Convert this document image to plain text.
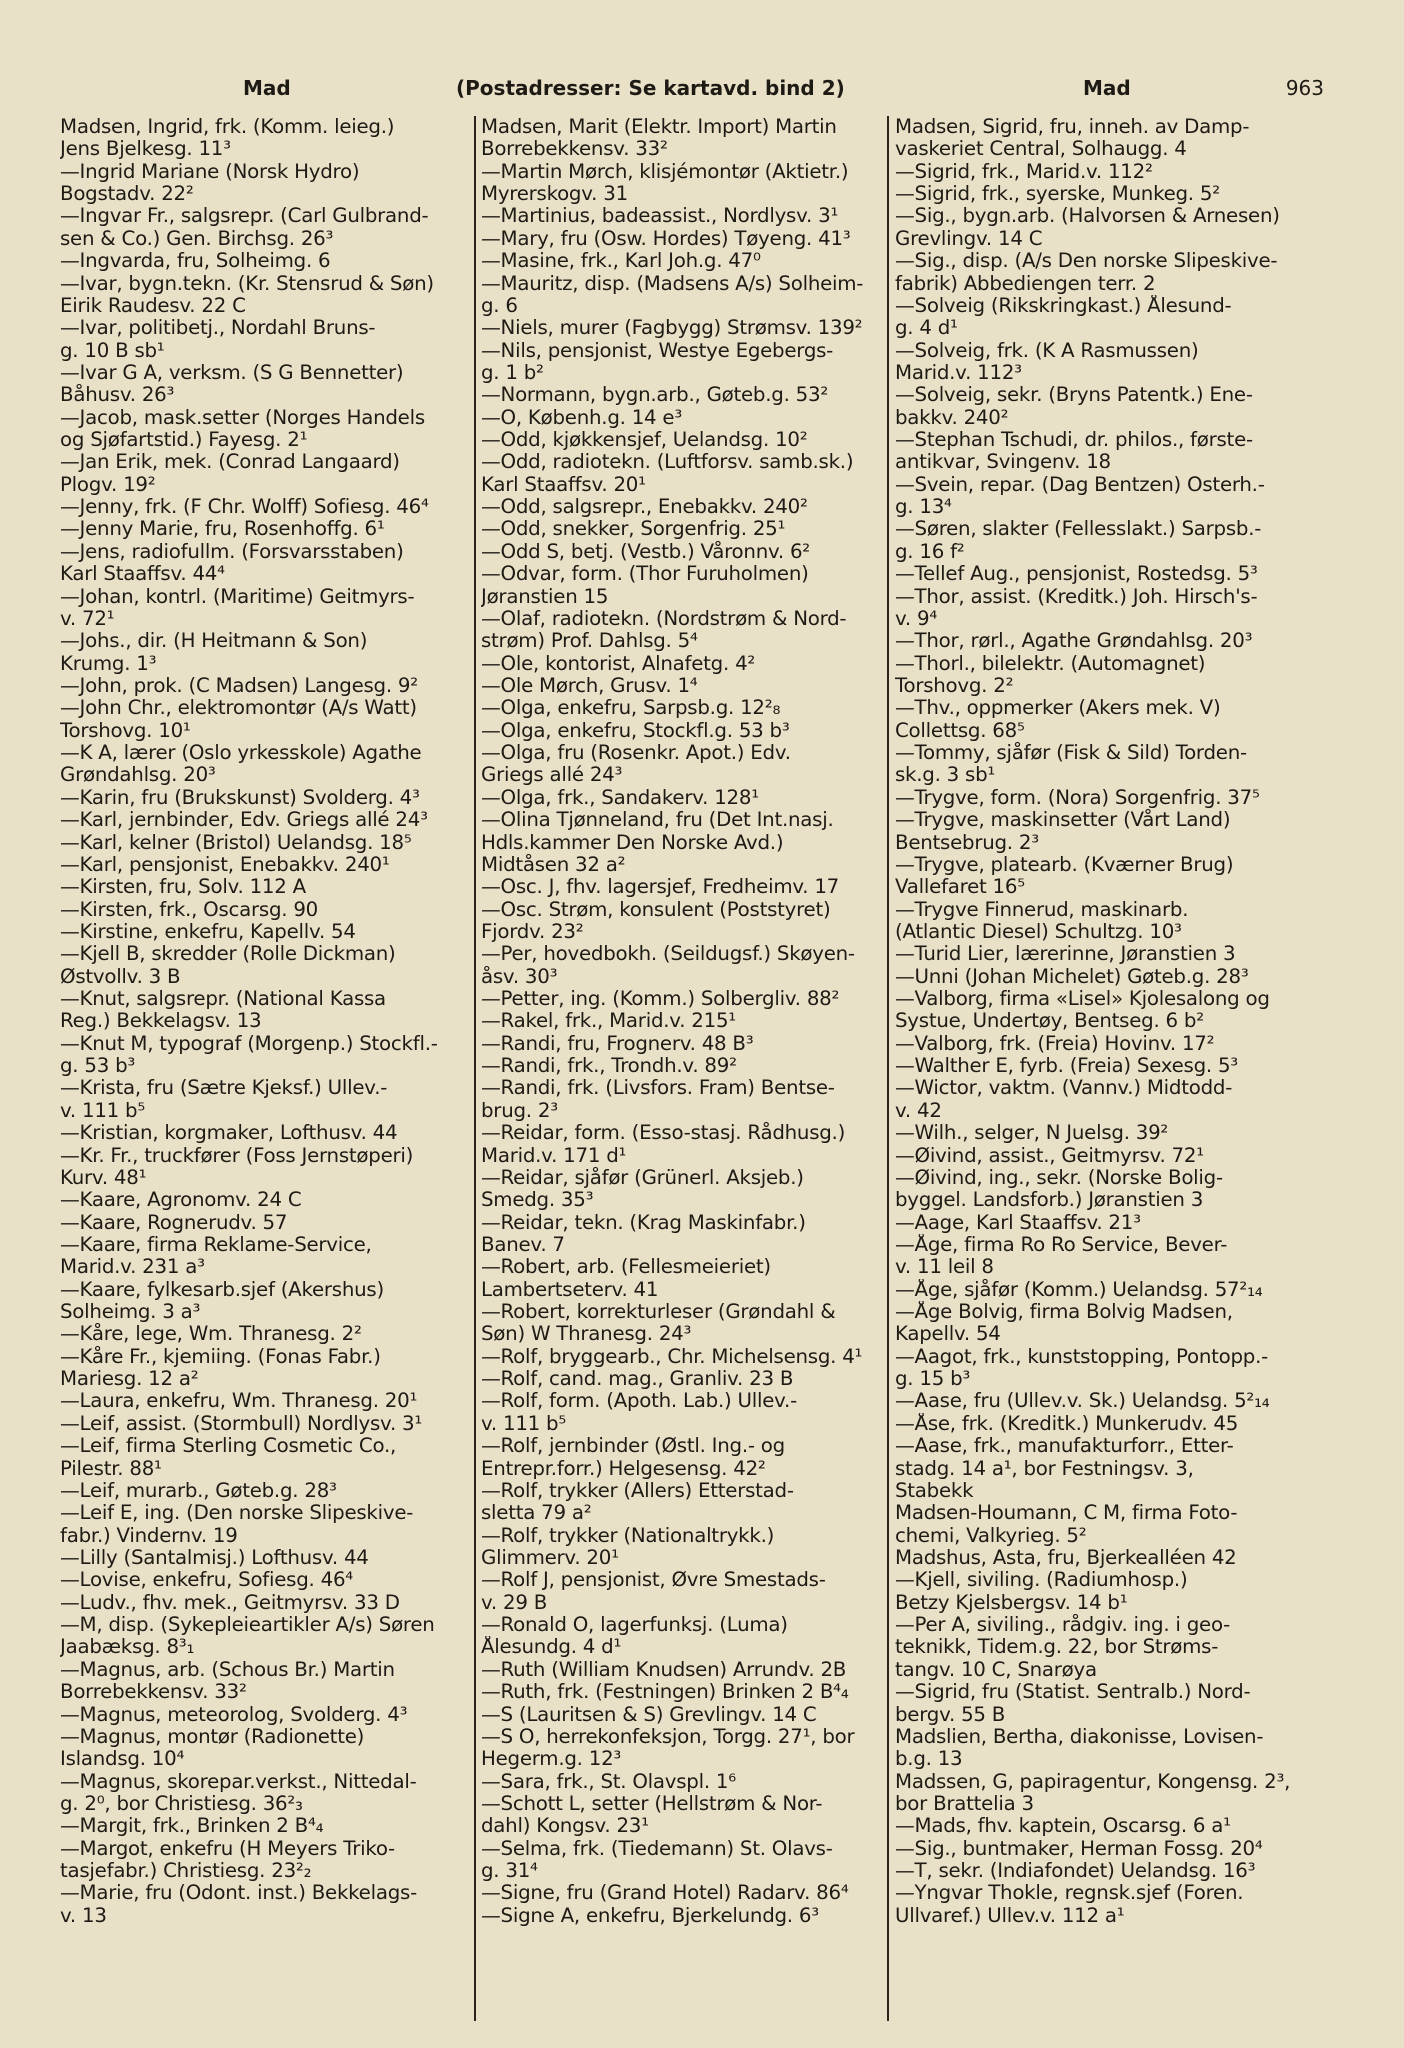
Mad	(Postadresser: Se kartavd. bind 2)	Mad	963
Madsen, Ingrid, frk. (Komm. leieg.)
Jens Bjelkesg. 11³
—Ingrid Mariane (Norsk Hydro)
Bogstadv. 22²
—Ingvar Fr., salgsrepr. (Carl Gulbrand-
sen & Co.) Gen. Birchsg. 26³
—Ingvarda, fru, Solheimg. 6
—Ivar, bygn.tekn. (Kr. Stensrud & Søn)
Eirik Raudesv. 22 C
—Ivar, politibetj., Nordahl Bruns-
g. 10 B sb¹
—Ivar G A, verksm. (S G Bennetter)
Båhusv. 26³
—Jacob, mask.setter (Norges Handels
og Sjøfartstid.) Fayesg. 2¹
—Jan Erik, mek. (Conrad Langaard)
Plogv. 19²
—Jenny, frk. (F Chr. Wolff) Sofiesg. 46⁴
—Jenny Marie, fru, Rosenhoffg. 6¹
—Jens, radiofullm. (Forsvarsstaben)
Karl Staaffsv. 44⁴
—Johan, kontrl. (Maritime) Geitmyrs-
v. 72¹
—Johs., dir. (H Heitmann & Son)
Krumg. 1³
—John, prok. (C Madsen) Langesg. 9²
—John Chr., elektromontør (A/s Watt)
Torshovg. 10¹
—K A, lærer (Oslo yrkesskole) Agathe
Grøndahlsg. 20³
—Karin, fru (Brukskunst) Svolderg. 4³
—Karl, jernbinder, Edv. Griegs allé 24³
—Karl, kelner (Bristol) Uelandsg. 18⁵
—Karl, pensjonist, Enebakkv. 240¹
—Kirsten, fru, Solv. 112 A
—Kirsten, frk., Oscarsg. 90
—Kirstine, enkefru, Kapellv. 54
—Kjell B, skredder (Rolle Dickman)
Østvollv. 3 B
—Knut, salgsrepr. (National Kassa
Reg.) Bekkelagsv. 13
—Knut M, typograf (Morgenp.) Stockfl.-
g. 53 b³
—Krista, fru (Sætre Kjeksf.) Ullev.-
v. 111 b⁵
—Kristian, korgmaker, Lofthusv. 44
—Kr. Fr., truckfører (Foss Jernstøperi)
Kurv. 48¹
—Kaare, Agronomv. 24 C
—Kaare, Rognerudv. 57
—Kaare, firma Reklame-Service,
Marid.v. 231 a³
—Kaare, fylkesarb.sjef (Akershus)
Solheimg. 3 a³
—Kåre, lege, Wm. Thranesg. 2²
—Kåre Fr., kjemiing. (Fonas Fabr.)
Mariesg. 12 a²
—Laura, enkefru, Wm. Thranesg. 20¹
—Leif, assist. (Stormbull) Nordlysv. 3¹
—Leif, firma Sterling Cosmetic Co.,
Pilestr. 88¹
—Leif, murarb., Gøteb.g. 28³
—Leif E, ing. (Den norske Slipeskive-
fabr.) Vindernv. 19
—Lilly (Santalmisj.) Lofthusv. 44
—Lovise, enkefru, Sofiesg. 46⁴
—Ludv., fhv. mek., Geitmyrsv. 33 D
—M, disp. (Sykepleieartikler A/s) Søren
Jaabæksg. 8³₁
—Magnus, arb. (Schous Br.) Martin
Borrebekkensv. 33²
—Magnus, meteorolog, Svolderg. 4³
—Magnus, montør (Radionette)
Islandsg. 10⁴
—Magnus, skorepar.verkst., Nittedal-
g. 2⁰, bor Christiesg. 36²₃
—Margit, frk., Brinken 2 B⁴₄
—Margot, enkefru (H Meyers Triko-
tasjefabr.) Christiesg. 23²₂
—Marie, fru (Odont. inst.) Bekkelags-
v. 13
Madsen, Marit (Elektr. Import) Martin
Borrebekkensv. 33²
—Martin Mørch, klisjémontør (Aktietr.)
Myrerskogv. 31
—Martinius, badeassist., Nordlysv. 3¹
—Mary, fru (Osw. Hordes) Tøyeng. 41³
—Masine, frk., Karl Joh.g. 47⁰
—Mauritz, disp. (Madsens A/s) Solheim-
g. 6
—Niels, murer (Fagbygg) Strømsv. 139²
—Nils, pensjonist, Westye Egebergs-
g. 1 b²
—Normann, bygn.arb., Gøteb.g. 53²
—O, Københ.g. 14 e³
—Odd, kjøkkensjef, Uelandsg. 10²
—Odd, radiotekn. (Luftforsv. samb.sk.)
Karl Staaffsv. 20¹
—Odd, salgsrepr., Enebakkv. 240²
—Odd, snekker, Sorgenfrig. 25¹
—Odd S, betj. (Vestb.) Våronnv. 6²
—Odvar, form. (Thor Furuholmen)
Jøranstien 15
—Olaf, radiotekn. (Nordstrøm & Nord-
strøm) Prof. Dahlsg. 5⁴
—Ole, kontorist, Alnafetg. 4²
—Ole Mørch, Grusv. 1⁴
—Olga, enkefru, Sarpsb.g. 12²₈
—Olga, enkefru, Stockfl.g. 53 b³
—Olga, fru (Rosenkr. Apot.) Edv.
Griegs allé 24³
—Olga, frk., Sandakerv. 128¹
—Olina Tjønneland, fru (Det Int.nasj.
Hdls.kammer Den Norske Avd.)
Midtåsen 32 a²
—Osc. J, fhv. lagersjef, Fredheimv. 17
—Osc. Strøm, konsulent (Poststyret)
Fjordv. 23²
—Per, hovedbokh. (Seildugsf.) Skøyen-
åsv. 30³
—Petter, ing. (Komm.) Solbergliv. 88²
—Rakel, frk., Marid.v. 215¹
—Randi, fru, Frognerv. 48 B³
—Randi, frk., Trondh.v. 89²
—Randi, frk. (Livsfors. Fram) Bentse-
brug. 2³
—Reidar, form. (Esso-stasj. Rådhusg.)
Marid.v. 171 d¹
—Reidar, sjåfør (Grünerl. Aksjeb.)
Smedg. 35³
—Reidar, tekn. (Krag Maskinfabr.)
Banev. 7
—Robert, arb. (Fellesmeieriet)
Lambertseterv. 41
—Robert, korrekturleser (Grøndahl &
Søn) W Thranesg. 24³
—Rolf, bryggearb., Chr. Michelsensg. 4¹
—Rolf, cand. mag., Granliv. 23 B
—Rolf, form. (Apoth. Lab.) Ullev.-
v. 111 b⁵
—Rolf, jernbinder (Østl. Ing.- og
Entrepr.forr.) Helgesensg. 42²
—Rolf, trykker (Allers) Etterstad-
sletta 79 a²
—Rolf, trykker (Nationaltrykk.)
Glimmerv. 20¹
—Rolf J, pensjonist, Øvre Smestads-
v. 29 B
—Ronald O, lagerfunksj. (Luma)
Ålesundg. 4 d¹
—Ruth (William Knudsen) Arrundv. 2B
—Ruth, frk. (Festningen) Brinken 2 B⁴₄
—S (Lauritsen & S) Grevlingv. 14 C
—S O, herrekonfeksjon, Torgg. 27¹, bor
Hegerm.g. 12³
—Sara, frk., St. Olavspl. 1⁶
—Schott L, setter (Hellstrøm & Nor-
dahl) Kongsv. 23¹
—Selma, frk. (Tiedemann) St. Olavs-
g. 31⁴
—Signe, fru (Grand Hotel) Radarv. 86⁴
—Signe A, enkefru, Bjerkelundg. 6³
Madsen, Sigrid, fru, inneh. av Damp-
vaskeriet Central, Solhaugg. 4
—Sigrid, frk., Marid.v. 112²
—Sigrid, frk., syerske, Munkeg. 5²
—Sig., bygn.arb. (Halvorsen & Arnesen)
Grevlingv. 14 C
—Sig., disp. (A/s Den norske Slipeskive-
fabrik) Abbediengen terr. 2
—Solveig (Rikskringkast.) Ålesund-
g. 4 d¹
—Solveig, frk. (K A Rasmussen)
Marid.v. 112³
—Solveig, sekr. (Bryns Patentk.) Ene-
bakkv. 240²
—Stephan Tschudi, dr. philos., første-
antikvar, Svingenv. 18
—Svein, repar. (Dag Bentzen) Osterh.-
g. 13⁴
—Søren, slakter (Fellesslakt.) Sarpsb.-
g. 16 f²
—Tellef Aug., pensjonist, Rostedsg. 5³
—Thor, assist. (Kreditk.) Joh. Hirsch's-
v. 9⁴
—Thor, rørl., Agathe Grøndahlsg. 20³
—Thorl., bilelektr. (Automagnet)
Torshovg. 2²
—Thv., oppmerker (Akers mek. V)
Collettsg. 68⁵
—Tommy, sjåfør (Fisk & Sild) Torden-
sk.g. 3 sb¹
—Trygve, form. (Nora) Sorgenfrig. 37⁵
—Trygve, maskinsetter (Vårt Land)
Bentsebrug. 2³
—Trygve, platearb. (Kværner Brug)
Vallefaret 16⁵
—Trygve Finnerud, maskinarb.
(Atlantic Diesel) Schultzg. 10³
—Turid Lier, lærerinne, Jøranstien 3
—Unni (Johan Michelet) Gøteb.g. 28³
—Valborg, firma «Lisel» Kjolesalong og
Systue, Undertøy, Bentseg. 6 b²
—Valborg, frk. (Freia) Hovinv. 17²
—Walther E, fyrb. (Freia) Sexesg. 5³
—Wictor, vaktm. (Vannv.) Midtodd-
v. 42
—Wilh., selger, N Juelsg. 39²
—Øivind, assist., Geitmyrsv. 72¹
—Øivind, ing., sekr. (Norske Bolig-
byggel. Landsforb.) Jøranstien 3
—Aage, Karl Staaffsv. 21³
—Åge, firma Ro Ro Service, Bever-
v. 11 leil 8
—Åge, sjåfør (Komm.) Uelandsg. 57²₁₄
—Åge Bolvig, firma Bolvig Madsen,
Kapellv. 54
—Aagot, frk., kunststopping, Pontopp.-
g. 15 b³
—Aase, fru (Ullev.v. Sk.) Uelandsg. 5²₁₄
—Åse, frk. (Kreditk.) Munkerudv. 45
—Aase, frk., manufakturforr., Etter-
stadg. 14 a¹, bor Festningsv. 3,
Stabekk
Madsen-Houmann, C M, firma Foto-
chemi, Valkyrieg. 5²
Madshus, Asta, fru, Bjerkealléen 42
—Kjell, siviling. (Radiumhosp.)
Betzy Kjelsbergsv. 14 b¹
—Per A, siviling., rådgiv. ing. i geo-
teknikk, Tidem.g. 22, bor Strøms-
tangv. 10 C, Snarøya
—Sigrid, fru (Statist. Sentralb.) Nord-
bergv. 55 B
Madslien, Bertha, diakonisse, Lovisen-
b.g. 13
Madssen, G, papiragentur, Kongensg. 2³,
bor Brattelia 3
—Mads, fhv. kaptein, Oscarsg. 6 a¹
—Sig., buntmaker, Herman Fossg. 20⁴
—T, sekr. (Indiafondet) Uelandsg. 16³
—Yngvar Thokle, regnsk.sjef (Foren.
Ullvaref.) Ullev.v. 112 a¹
